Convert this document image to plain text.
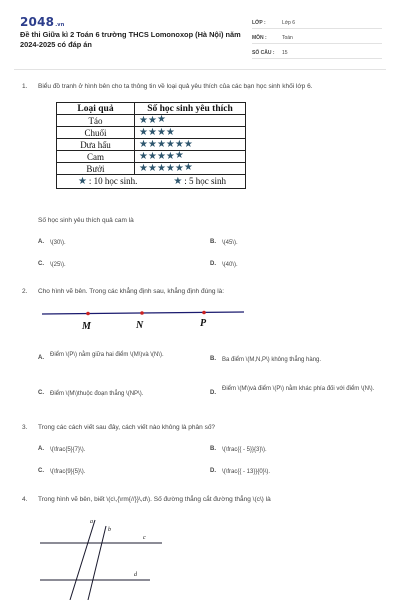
2048.vn
Đề thi Giữa kì 2 Toán 6 trường THCS Lomonoxop (Hà Nội) năm 2024-2025 có đáp án
LỚP :	Lớp 6
MÔN :	Toán
SỐ CÂU :	15
1. Biểu đồ tranh ở hình bên cho ta thông tin về loại quả yêu thích của các bạn học sinh khối lớp 6.
Loại quả	Số học sinh yêu thích
Táo	★★★
Chuối	★★★★
Dưa hấu	★★★★★★
Cam	★★★★★
Bưởi	★★★★★★

★ : 10 học sinh. ★ : 5 học sinh	
Số học sinh yêu thích quả cam là
A.	\(30\).	B.	\(45\).
C.	\(25\).	D.	\(40\).
2. Cho hình vẽ bên. Trong các khẳng định sau, khẳng định đúng là:
M	N	P
A.	Điểm \(P\) nằm giữa hai điểm \(M\)và \(N\).
B.	Ba điểm \(M,N,P\) không thẳng hàng.
C.	Điểm \(M\)thuộc đoạn thẳng \(NP\).	D.
Điểm \(M\)và điểm \(P\) nằm khác phía đối với điểm \(N\).
3. Trong các cách viết sau đây, cách viết nào không là phân số?
A.	\(\frac{5}{7}\).	B.	\(\frac{{ - 5}}{3}\).
C.	\(\frac{9}{5}\).	D.	\(\frac{{ - 13}}{0}\).
4. Trong hình vẽ bên, biết \(c\,{\rm{//}}\,d\). Số đường thẳng cắt đường thẳng \(c\) là
a
b
c
d
